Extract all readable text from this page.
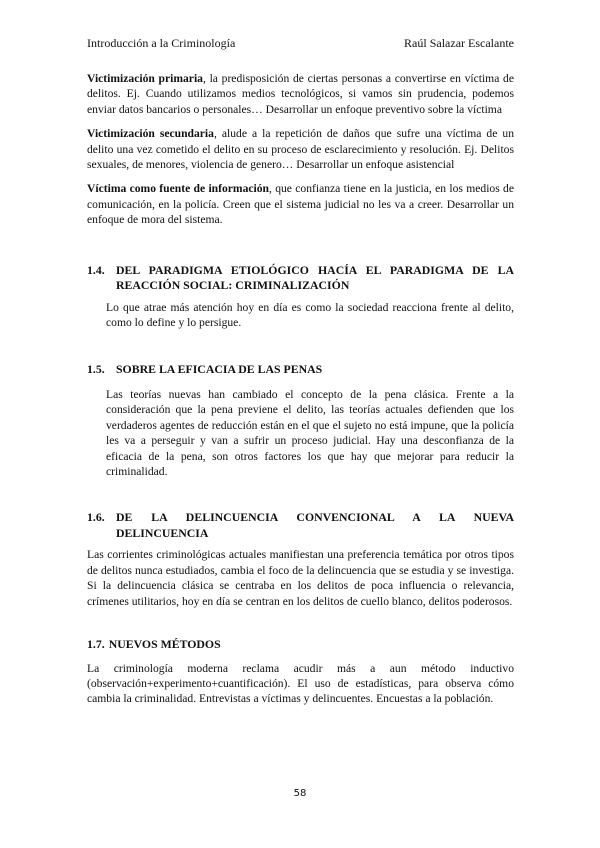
Introducción a la Criminología	Raúl Salazar Escalante

Victimización primaria, la predisposición de ciertas personas a convertirse en víctima de delitos. Ej. Cuando utilizamos medios tecnológicos, si vamos sin prudencia, podemos enviar datos bancarios o personales… Desarrollar un enfoque preventivo sobre la víctima

Victimización secundaria, alude a la repetición de daños que sufre una víctima de un delito una vez cometido el delito en su proceso de esclarecimiento y resolución. Ej. Delitos sexuales, de menores, violencia de genero… Desarrollar un enfoque asistencial

Víctima como fuente de información, que confianza tiene en la justicia, en los medios de comunicación, en la policía. Creen que el sistema judicial no les va a creer. Desarrollar un enfoque de mora del sistema.

1.4. DEL PARADIGMA ETIOLÓGICO HACÍA EL PARADIGMA DE LA REACCIÓN SOCIAL: CRIMINALIZACIÓN

Lo que atrae más atención hoy en día es como la sociedad reacciona frente al delito, como lo define y lo persigue.

1.5. SOBRE LA EFICACIA DE LAS PENAS

Las teorías nuevas han cambiado el concepto de la pena clásica. Frente a la consideración que la pena previene el delito, las teorías actuales defienden que los verdaderos agentes de reducción están en el que el sujeto no está impune, que la policía les va a perseguir y van a sufrir un proceso judicial. Hay una desconfianza de la eficacia de la pena, son otros factores los que hay que mejorar para reducir la criminalidad.

1.6. DE LA DELINCUENCIA CONVENCIONAL A LA NUEVA DELINCUENCIA

Las corrientes criminológicas actuales manifiestan una preferencia temática por otros tipos de delitos nunca estudiados, cambia el foco de la delincuencia que se estudia y se investiga. Si la delincuencia clásica se centraba en los delitos de poca influencia o relevancia, crímenes utilitarios, hoy en día se centran en los delitos de cuello blanco, delitos poderosos.

1.7. NUEVOS MÉTODOS

La criminología moderna reclama acudir más a aun método inductivo (observación+experimento+cuantificación). El uso de estadísticas, para observa cómo cambia la criminalidad. Entrevistas a víctimas y delincuentes. Encuestas a la población.

58
